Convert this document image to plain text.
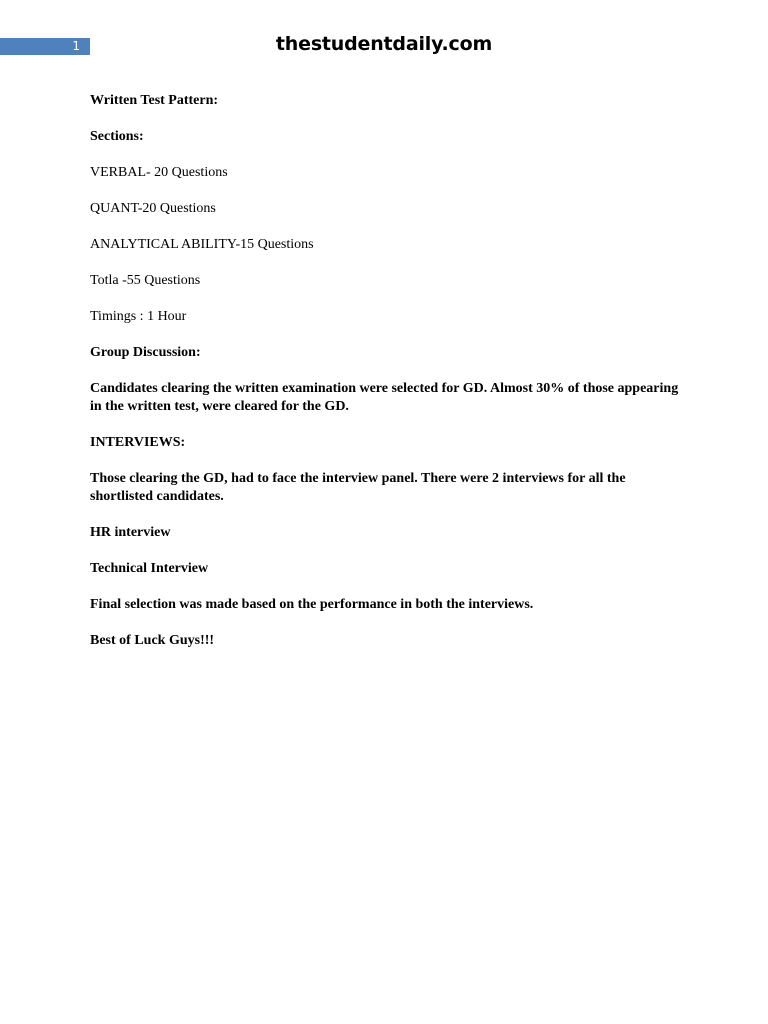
1	thestudentdaily.com

Written Test Pattern:

Sections:

VERBAL- 20 Questions

QUANT-20 Questions

ANALYTICAL ABILITY-15 Questions

Totla -55 Questions

Timings : 1 Hour

Group Discussion:

Candidates clearing the written examination were selected for GD. Almost 30% of those appearing in the written test, were cleared for the GD.

INTERVIEWS:

Those clearing the GD, had to face the interview panel. There were 2 interviews for all the shortlisted candidates.

HR interview

Technical Interview

Final selection was made based on the performance in both the interviews.

Best of Luck Guys!!!
